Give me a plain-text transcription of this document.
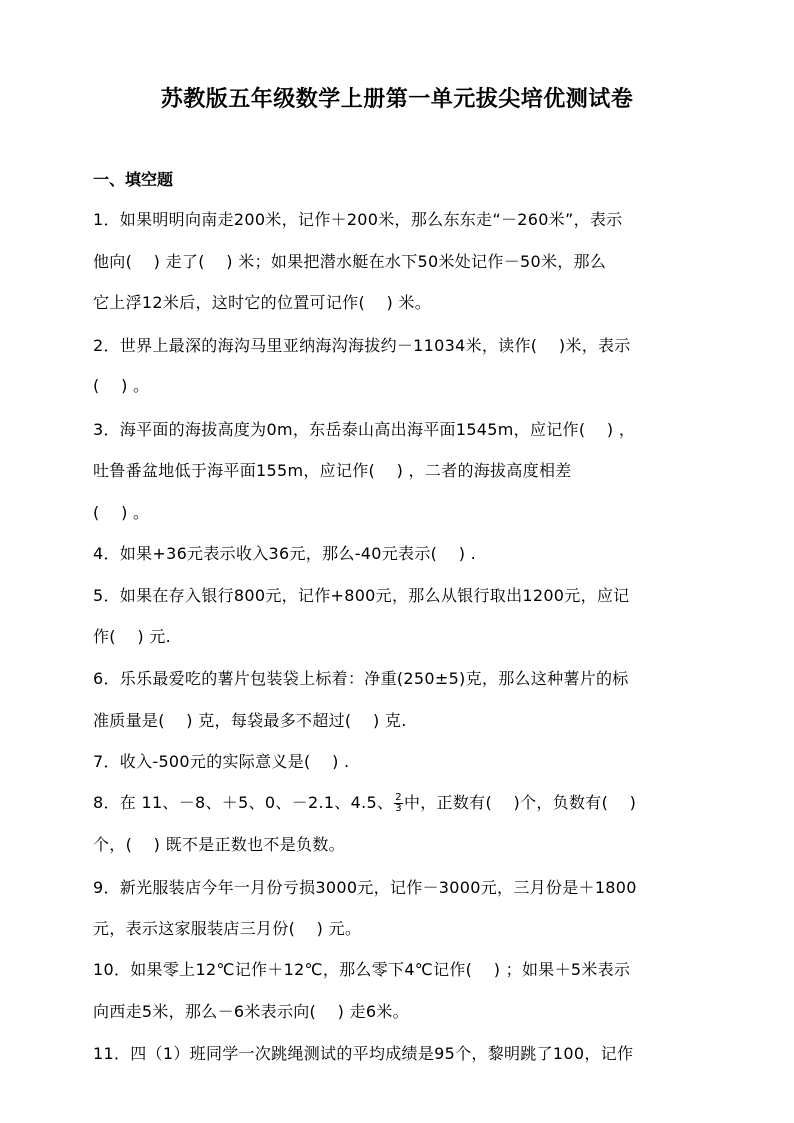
苏教版五年级数学上册第一单元拔尖培优测试卷
一、填空题
1．如果明明向南走200米，记作＋200米，那么东东走“－260米”，表示
他向(    ) 走了(    ) 米；如果把潜水艇在水下50米处记作－50米，那么
它上浮12米后，这时它的位置可记作(    ) 米。
2．世界上最深的海沟马里亚纳海沟海拔约－11034米，读作(    )米，表示
(    ) 。
3．海平面的海拔高度为0m，东岳泰山高出海平面1545m，应记作(    ) ，
吐鲁番盆地低于海平面155m，应记作(    ) ，二者的海拔高度相差
(    ) 。
4．如果+36元表示收入36元，那么-40元表示(    ) .
5．如果在存入银行800元，记作+800元，那么从银行取出1200元，应记
作(    ) 元.
6．乐乐最爱吃的薯片包装袋上标着：净重(250±5)克，那么这种薯片的标
准质量是(    ) 克，每袋最多不超过(    ) 克.
7．收入-500元的实际意义是(    ) .
8．在 11、－8、＋5、0、－2.1、4.5、 $\frac{2}{3}$ 中，正数有(    )个，负数有(    )
个，(    ) 既不是正数也不是负数。
9．新光服装店今年一月份亏损3000元，记作－3000元，三月份是＋1800
元，表示这家服装店三月份(    ) 元。
10．如果零上12℃记作＋12℃，那么零下4℃记作(    ) ；如果＋5米表示
向西走5米，那么－6米表示向(    ) 走6米。
11．四（1）班同学一次跳绳测试的平均成绩是95个，黎明跳了100，记作
